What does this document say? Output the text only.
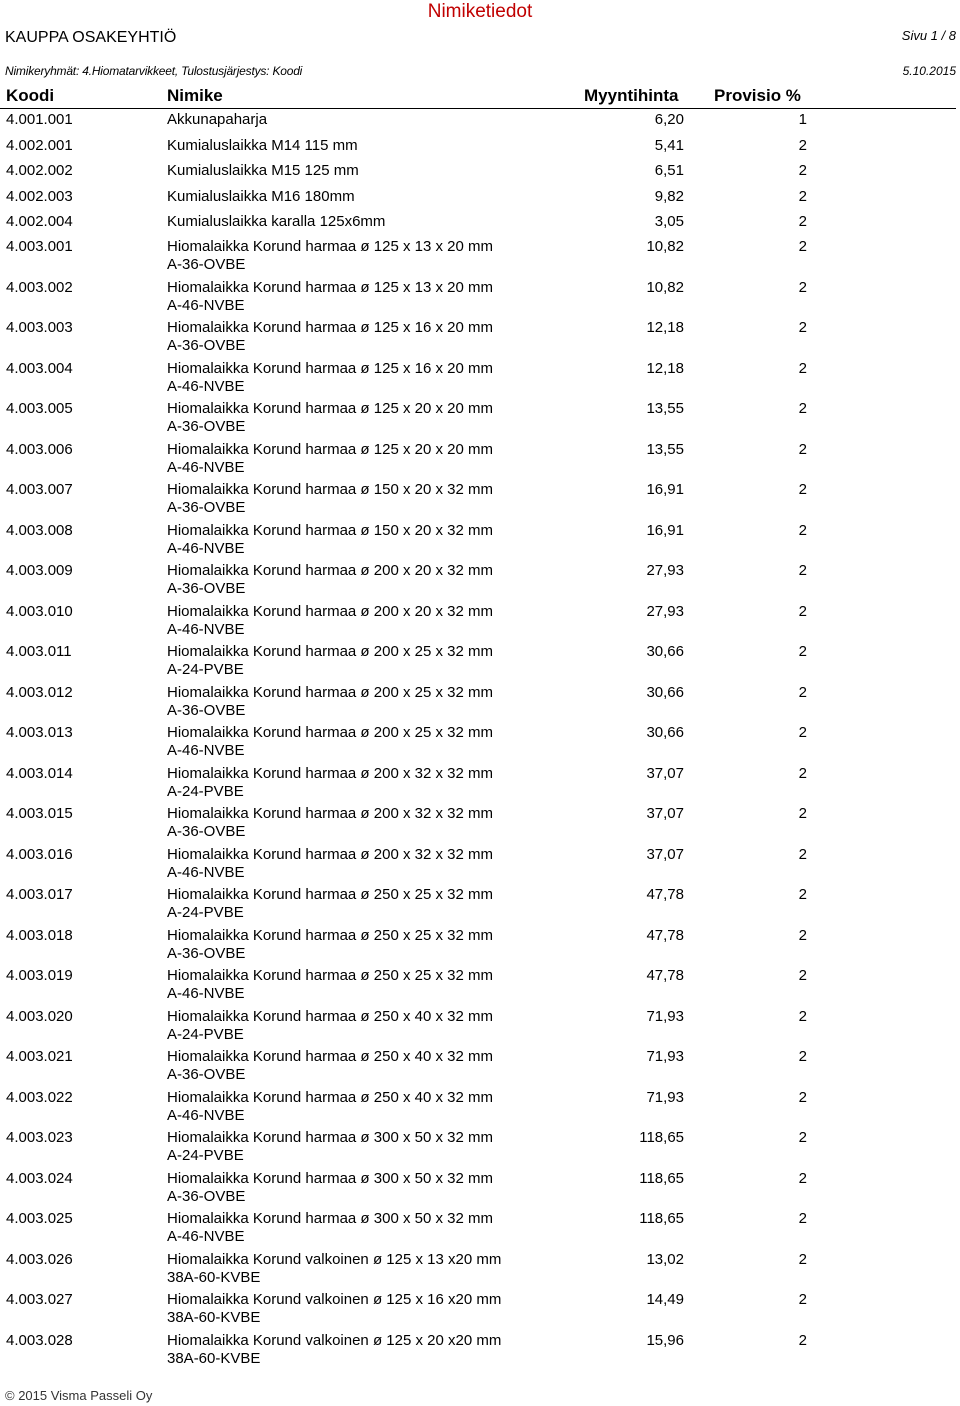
Nimiketiedot
KAUPPA OSAKEYHTIÖ	Sivu 1 / 8
Nimikeryhmät: 4.Hiomatarvikkeet, Tulostusjärjestys: Koodi	5.10.2015
Koodi	Nimike	Myyntihinta Provisio %
4.001.001	Akkunapaharja	6,20	1
4.002.001	Kumialuslaikka M14 115 mm	5,41	2
4.002.002	Kumialuslaikka M15 125 mm	6,51	2
4.002.003	Kumialuslaikka M16 180mm	9,82	2
4.002.004	Kumialuslaikka karalla 125x6mm	3,05	2
4.003.001	Hiomalaikka Korund harmaa ø 125 x 13 x 20 mm
A-36-OVBE
10,82	2
4.003.002	Hiomalaikka Korund harmaa ø 125 x 13 x 20 mm
A-46-NVBE
10,82	2
4.003.003	Hiomalaikka Korund harmaa ø 125 x 16 x 20 mm
A-36-OVBE
12,18	2
4.003.004	Hiomalaikka Korund harmaa ø 125 x 16 x 20 mm
A-46-NVBE
12,18	2
4.003.005	Hiomalaikka Korund harmaa ø 125 x 20 x 20 mm
A-36-OVBE
13,55	2
4.003.006	Hiomalaikka Korund harmaa ø 125 x 20 x 20 mm
A-46-NVBE
13,55	2
4.003.007	Hiomalaikka Korund harmaa ø 150 x 20 x 32 mm
A-36-OVBE
16,91	2
4.003.008	Hiomalaikka Korund harmaa ø 150 x 20 x 32 mm
A-46-NVBE
16,91	2
4.003.009	Hiomalaikka Korund harmaa ø 200 x 20 x 32 mm
A-36-OVBE
27,93	2
4.003.010	Hiomalaikka Korund harmaa ø 200 x 20 x 32 mm
A-46-NVBE
27,93	2
4.003.011	Hiomalaikka Korund harmaa ø 200 x 25 x 32 mm
A-24-PVBE
30,66	2
4.003.012	Hiomalaikka Korund harmaa ø 200 x 25 x 32 mm
A-36-OVBE
30,66	2
4.003.013	Hiomalaikka Korund harmaa ø 200 x 25 x 32 mm
A-46-NVBE
30,66	2
4.003.014	Hiomalaikka Korund harmaa ø 200 x 32 x 32 mm
A-24-PVBE
37,07	2
4.003.015	Hiomalaikka Korund harmaa ø 200 x 32 x 32 mm
A-36-OVBE
37,07	2
4.003.016	Hiomalaikka Korund harmaa ø 200 x 32 x 32 mm
A-46-NVBE
37,07	2
4.003.017	Hiomalaikka Korund harmaa ø 250 x 25 x 32 mm
A-24-PVBE
47,78	2
4.003.018	Hiomalaikka Korund harmaa ø 250 x 25 x 32 mm
A-36-OVBE
47,78	2
4.003.019	Hiomalaikka Korund harmaa ø 250 x 25 x 32 mm
A-46-NVBE
47,78	2
4.003.020	Hiomalaikka Korund harmaa ø 250 x 40 x 32 mm
A-24-PVBE
71,93	2
4.003.021	Hiomalaikka Korund harmaa ø 250 x 40 x 32 mm
A-36-OVBE
71,93	2
4.003.022	Hiomalaikka Korund harmaa ø 250 x 40 x 32 mm
A-46-NVBE
71,93	2
4.003.023	Hiomalaikka Korund harmaa ø 300 x 50 x 32 mm
A-24-PVBE
118,65	2
4.003.024	Hiomalaikka Korund harmaa ø 300 x 50 x 32 mm
A-36-OVBE
118,65	2
4.003.025	Hiomalaikka Korund harmaa ø 300 x 50 x 32 mm
A-46-NVBE
118,65	2
4.003.026	Hiomalaikka Korund valkoinen ø 125 x 13 x20 mm
38A-60-KVBE
13,02	2
4.003.027	Hiomalaikka Korund valkoinen ø 125 x 16 x20 mm
38A-60-KVBE
14,49	2
4.003.028	Hiomalaikka Korund valkoinen ø 125 x 20 x20 mm
38A-60-KVBE
15,96	2
© 2015 Visma Passeli Oy
